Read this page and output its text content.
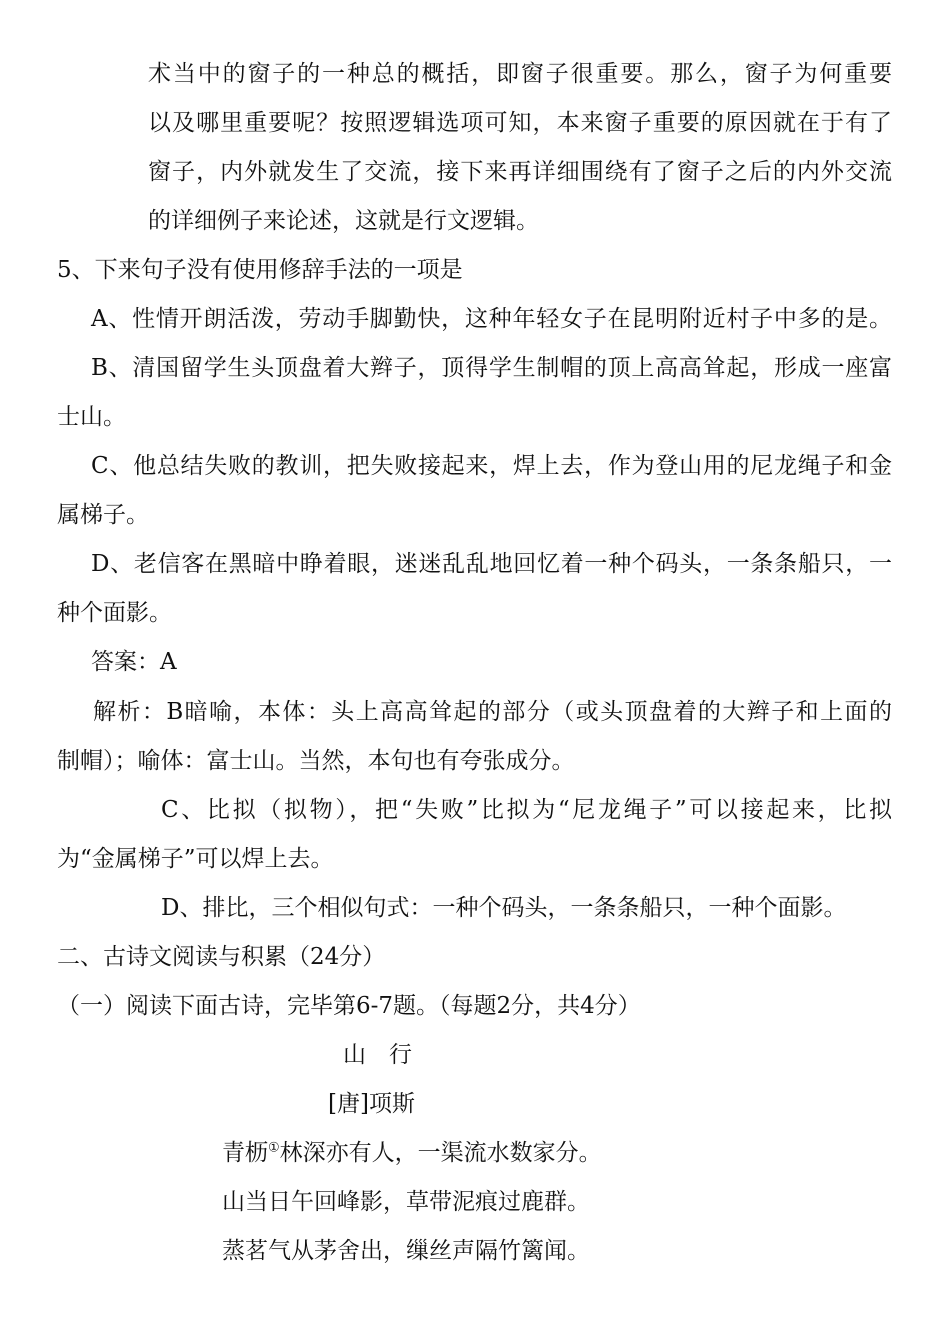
术当中的窗子的一种总的概括，即窗子很重要。那么，窗子为何重要
以及哪里重要呢？按照逻辑选项可知，本来窗子重要的原因就在于有了
窗子，内外就发生了交流，接下来再详细围绕有了窗子之后的内外交流
的详细例子来论述，这就是行文逻辑。
5、下来句子没有使用修辞手法的一项是
A、性情开朗活泼，劳动手脚勤快，这种年轻女子在昆明附近村子中多的是。
B、清国留学生头顶盘着大辫子，顶得学生制帽的顶上高高耸起，形成一座富
士山。
C、他总结失败的教训，把失败接起来，焊上去，作为登山用的尼龙绳子和金
属梯子。
D、老信客在黑暗中睁着眼，迷迷乱乱地回忆着一种个码头，一条条船只，一
种个面影。
答案：A
解析：B暗喻，本体：头上高高耸起的部分（或头顶盘着的大辫子和上面的
制帽）；喻体：富士山。当然，本句也有夸张成分。
C、比拟（拟物），把“失败”比拟为“尼龙绳子”可以接起来，比拟
为“金属梯子”可以焊上去。
D、排比，三个相似句式：一种个码头，一条条船只，一种个面影。
二、古诗文阅读与积累（24分）
（一）阅读下面古诗，完毕第6-7题。（每题2分，共4分）
山　行
[唐]项斯
青枥①林深亦有人，一渠流水数家分。
山当日午回峰影，草带泥痕过鹿群。
蒸茗气从茅舍出，缫丝声隔竹篱闻。
